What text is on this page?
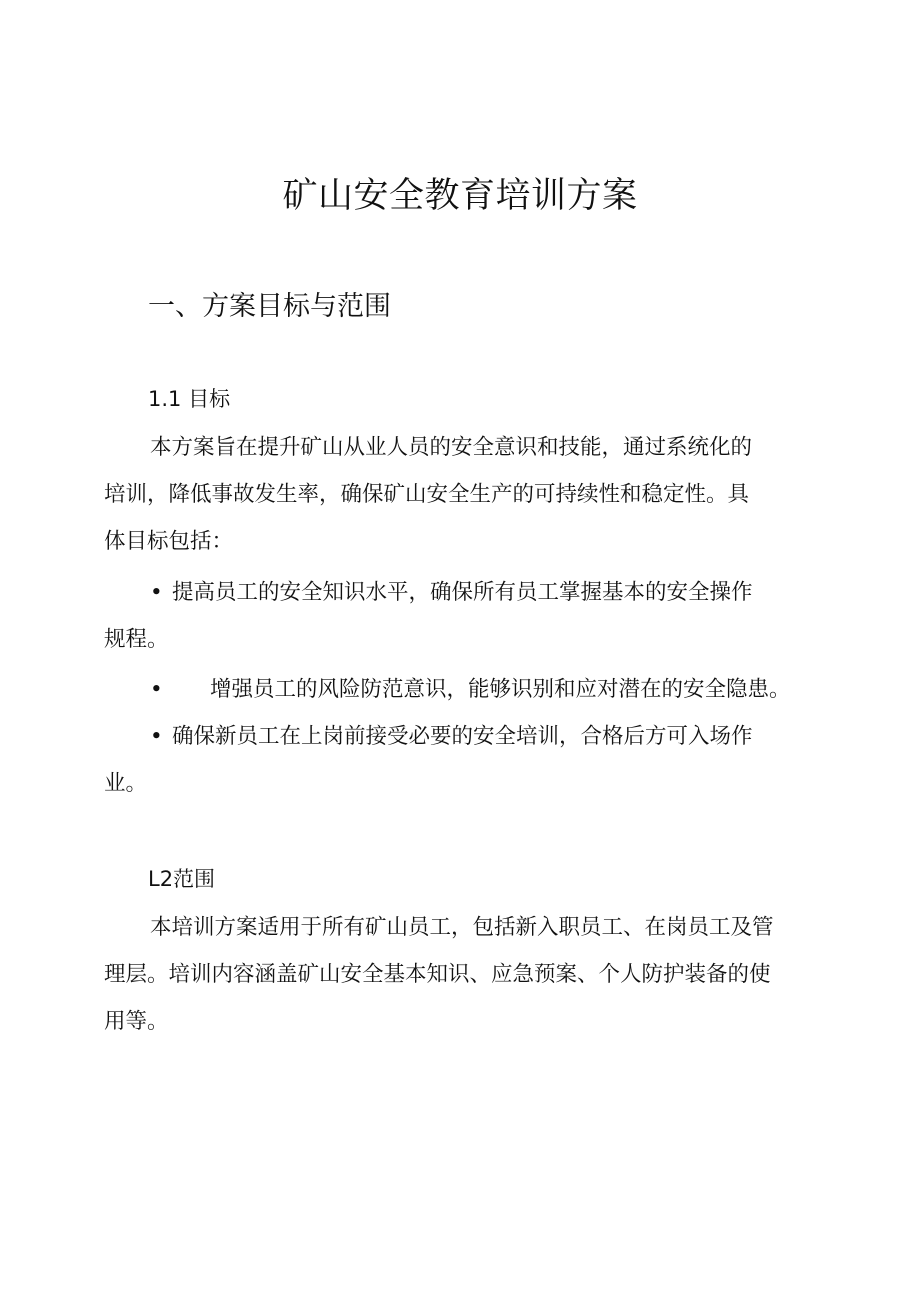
矿山安全教育培训方案
一、方案目标与范围
1.1 目标
本方案旨在提升矿山从业人员的安全意识和技能，通过系统化的
培训，降低事故发生率，确保矿山安全生产的可持续性和稳定性。具
体目标包括：
• 提高员工的安全知识水平，确保所有员工掌握基本的安全操作
规程。
• 增强员工的风险防范意识，能够识别和应对潜在的安全隐患。
• 确保新员工在上岗前接受必要的安全培训，合格后方可入场作
业。
L2范围
本培训方案适用于所有矿山员工，包括新入职员工、在岗员工及管
理层。培训内容涵盖矿山安全基本知识、应急预案、个人防护装备的使
用等。
